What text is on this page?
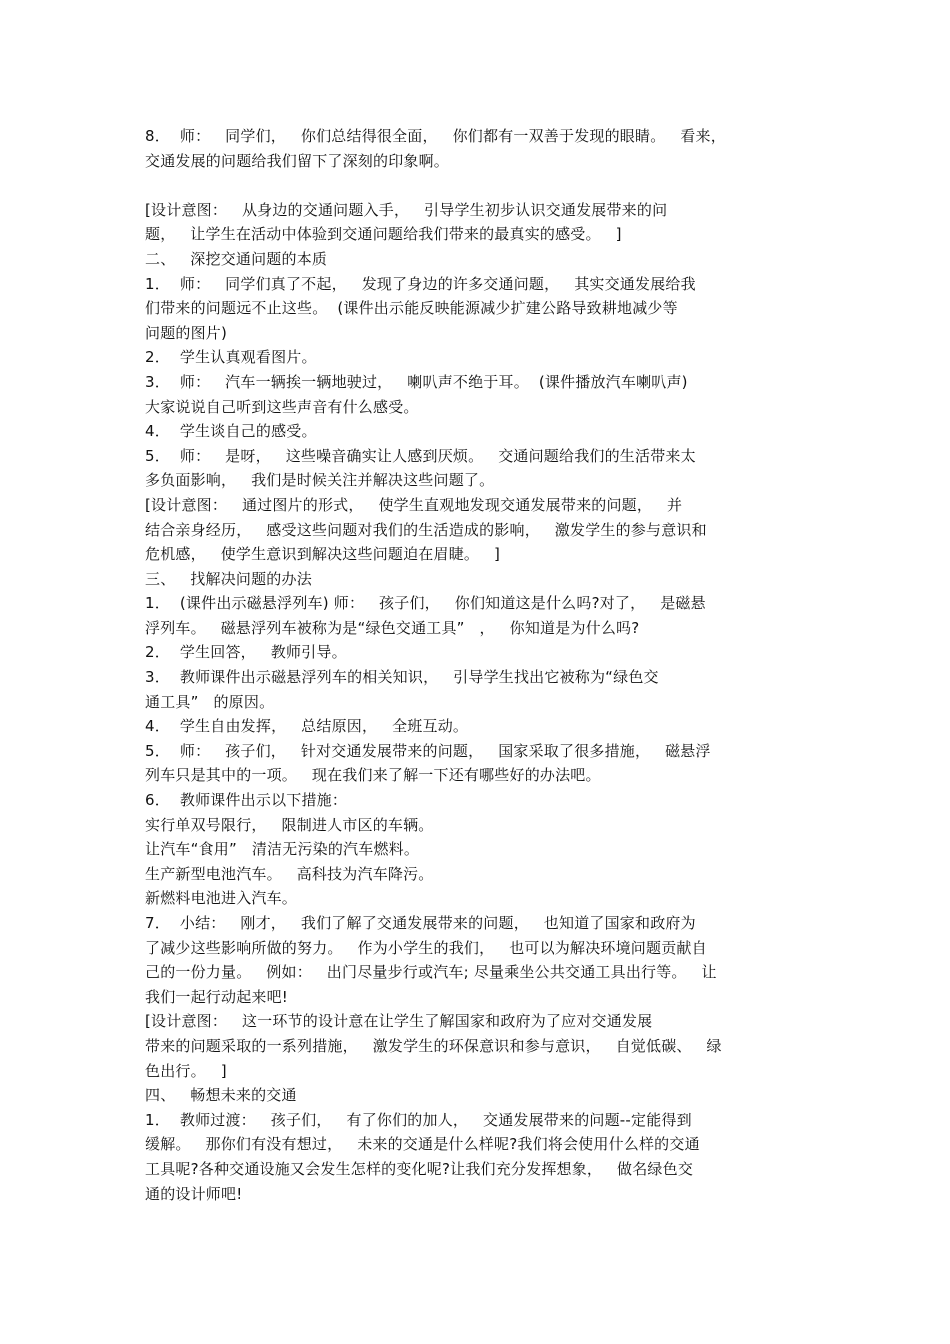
8．  师：   同学们，   你们总结得很全面，   你们都有一双善于发现的眼睛。   看来，
交通发展的问题给我们留下了深刻的印象啊。
[设计意图：   从身边的交通问题入手，   引导学生初步认识交通发展带来的问
题，   让学生在活动中体验到交通问题给我们带来的最真实的感受。   ]
二、   深挖交通问题的本质
1．  师：   同学们真了不起，   发现了身边的许多交通问题，   其实交通发展给我
们带来的问题远不止这些。  (课件出示能反映能源减少扩建公路导致耕地减少等
问题的图片)
2．  学生认真观看图片。
3．  师：   汽车一辆挨一辆地驶过，   喇叭声不绝于耳。  (课件播放汽车喇叭声)
大家说说自己听到这些声音有什么感受。
4．  学生谈自己的感受。
5．  师：   是呀，   这些噪音确实让人感到厌烦。   交通问题给我们的生活带来太
多负面影响，   我们是时候关注并解决这些问题了。
[设计意图：   通过图片的形式，   使学生直观地发现交通发展带来的问题，   并
结合亲身经历，   感受这些问题对我们的生活造成的影响，   激发学生的参与意识和
危机感，   使学生意识到解决这些问题迫在眉睫。   ]
三、   找解决问题的办法
1．  (课件出示磁悬浮列车) 师：   孩子们，   你们知道这是什么吗?对了，   是磁悬
浮列车。   磁悬浮列车被称为是“绿色交通工具”   ，   你知道是为什么吗?
2．  学生回答，   教师引导。
3．  教师课件出示磁悬浮列车的相关知识，   引导学生找出它被称为“绿色交
通工具”   的原因。
4．  学生自由发挥，   总结原因，   全班互动。
5．  师：   孩子们，   针对交通发展带来的问题，   国家采取了很多措施，   磁悬浮
列车只是其中的一项。   现在我们来了解一下还有哪些好的办法吧。
6．  教师课件出示以下措施：
实行单双号限行，   限制进人市区的车辆。
让汽车“食用”   清洁无污染的汽车燃料。
生产新型电池汽车。   高科技为汽车降污。
新燃料电池进入汽车。
7．  小结：   刚才，   我们了解了交通发展带来的问题，   也知道了国家和政府为
了减少这些影响所做的努力。   作为小学生的我们，   也可以为解决环境问题贡献自
己的一份力量。   例如：   出门尽量步行或汽车; 尽量乘坐公共交通工具出行等。   让
我们一起行动起来吧!
[设计意图：   这一环节的设计意在让学生了解国家和政府为了应对交通发展
带来的问题采取的一系列措施，   激发学生的环保意识和参与意识，   自觉低碳、   绿
色出行。   ]
四、   畅想未来的交通
1．  教师过渡：   孩子们，   有了你们的加人，   交通发展带来的问题--定能得到
缓解。   那你们有没有想过，   未来的交通是什么样呢?我们将会使用什么样的交通
工具呢?各种交通设施又会发生怎样的变化呢?让我们充分发挥想象，   做名绿色交
通的设计师吧!
